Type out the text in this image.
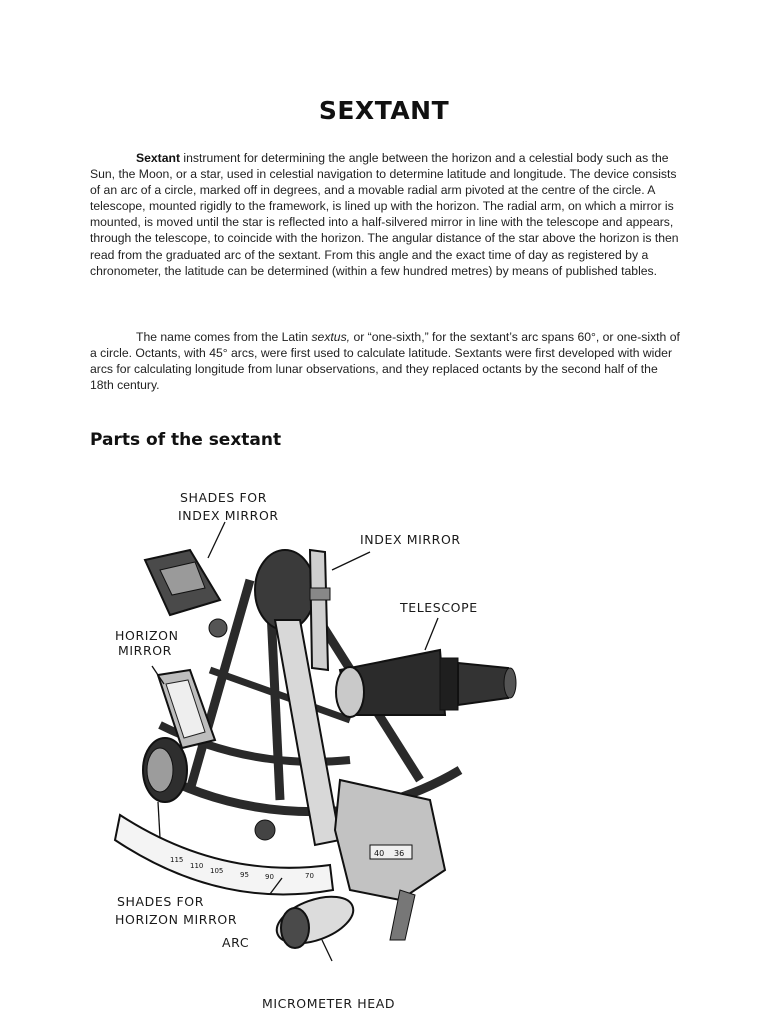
SEXTANT

Sextant instrument for determining the angle between the horizon and a celestial body such as the Sun, the Moon, or a star, used in celestial navigation to determine latitude and longitude. The device consists of an arc of a circle, marked off in degrees, and a movable radial arm pivoted at the centre of the circle. A telescope, mounted rigidly to the framework, is lined up with the horizon. The radial arm, on which a mirror is mounted, is moved until the star is reflected into a half-silvered mirror in line with the telescope and appears, through the telescope, to coincide with the horizon. The angular distance of the star above the horizon is then read from the graduated arc of the sextant. From this angle and the exact time of day as registered by a chronometer, the latitude can be determined (within a few hundred metres) by means of published tables.

The name comes from the Latin sextus, or “one-sixth,” for the sextant’s arc spans 60°, or one-sixth of a circle. Octants, with 45° arcs, were first used to calculate latitude. Sextants were first developed with wider arcs for calculating longitude from lunar observations, and they replaced octants by the second half of the 18th century.

Parts of the sextant
40 36
115
110
105 95 90	70
SHADES FOR
INDEX MIRROR
INDEX MIRROR
TELESCOPE
HORIZON
MIRROR
SHADES FOR
HORIZON MIRROR
ARC
MICROMETER HEAD
